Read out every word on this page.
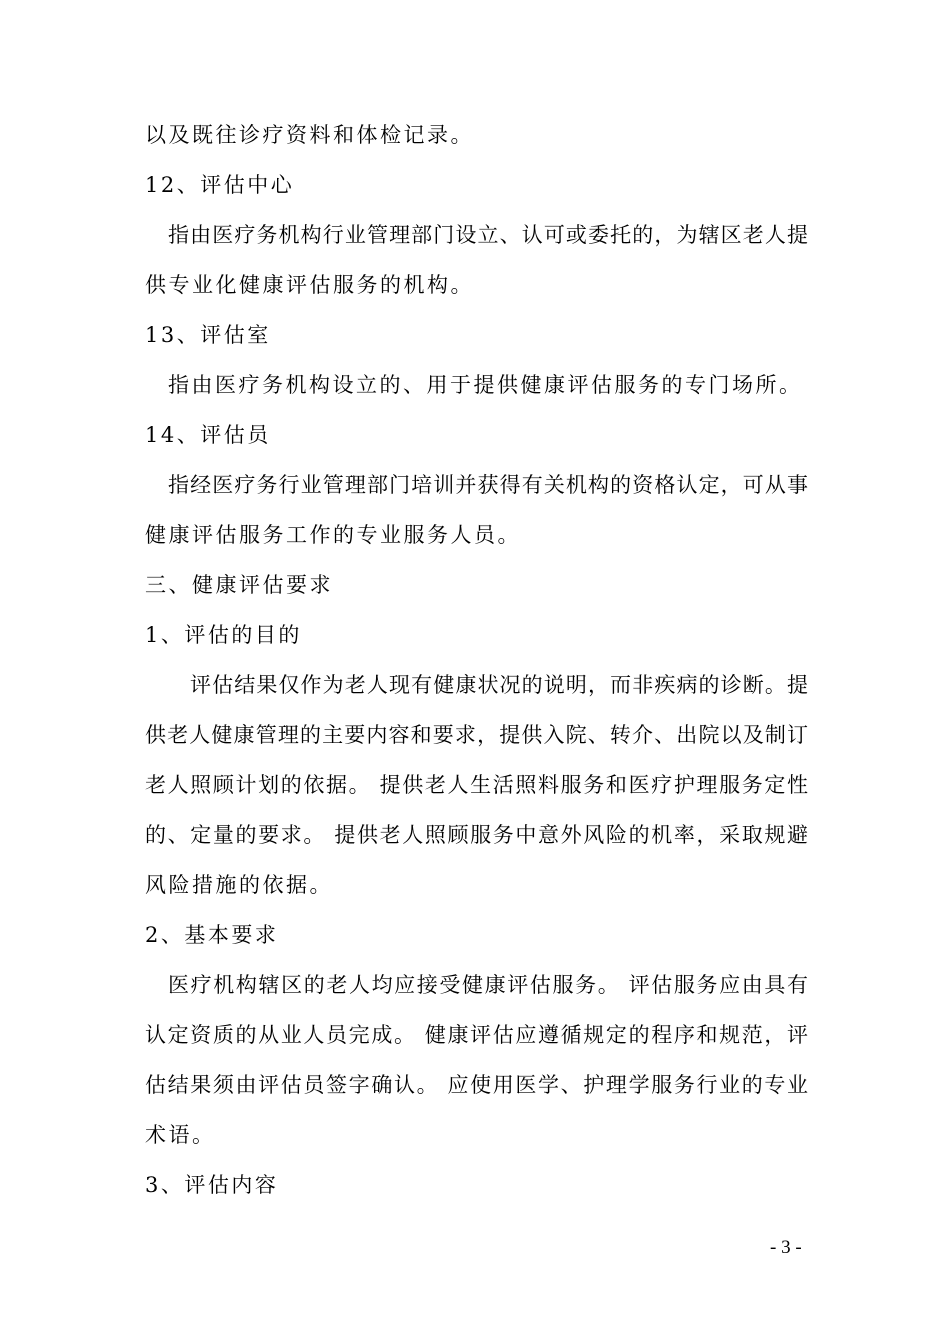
以及既往诊疗资料和体检记录。
12、评估中心
指由医疗务机构行业管理部门设立、认可或委托的，为辖区老人提
供专业化健康评估服务的机构。
13、评估室
指由医疗务机构设立的、用于提供健康评估服务的专门场所。
14、评估员
指经医疗务行业管理部门培训并获得有关机构的资格认定，可从事
健康评估服务工作的专业服务人员。
三、健康评估要求
1、评估的目的
评估结果仅作为老人现有健康状况的说明，而非疾病的诊断。提
供老人健康管理的主要内容和要求，提供入院、转介、出院以及制订
老人照顾计划的依据。 提供老人生活照料服务和医疗护理服务定性
的、定量的要求。 提供老人照顾服务中意外风险的机率，采取规避
风险措施的依据。
2、基本要求
医疗机构辖区的老人均应接受健康评估服务。 评估服务应由具有
认定资质的从业人员完成。 健康评估应遵循规定的程序和规范，评
估结果须由评估员签字确认。 应使用医学、护理学服务行业的专业
术语。
3、评估内容
- 3 -
